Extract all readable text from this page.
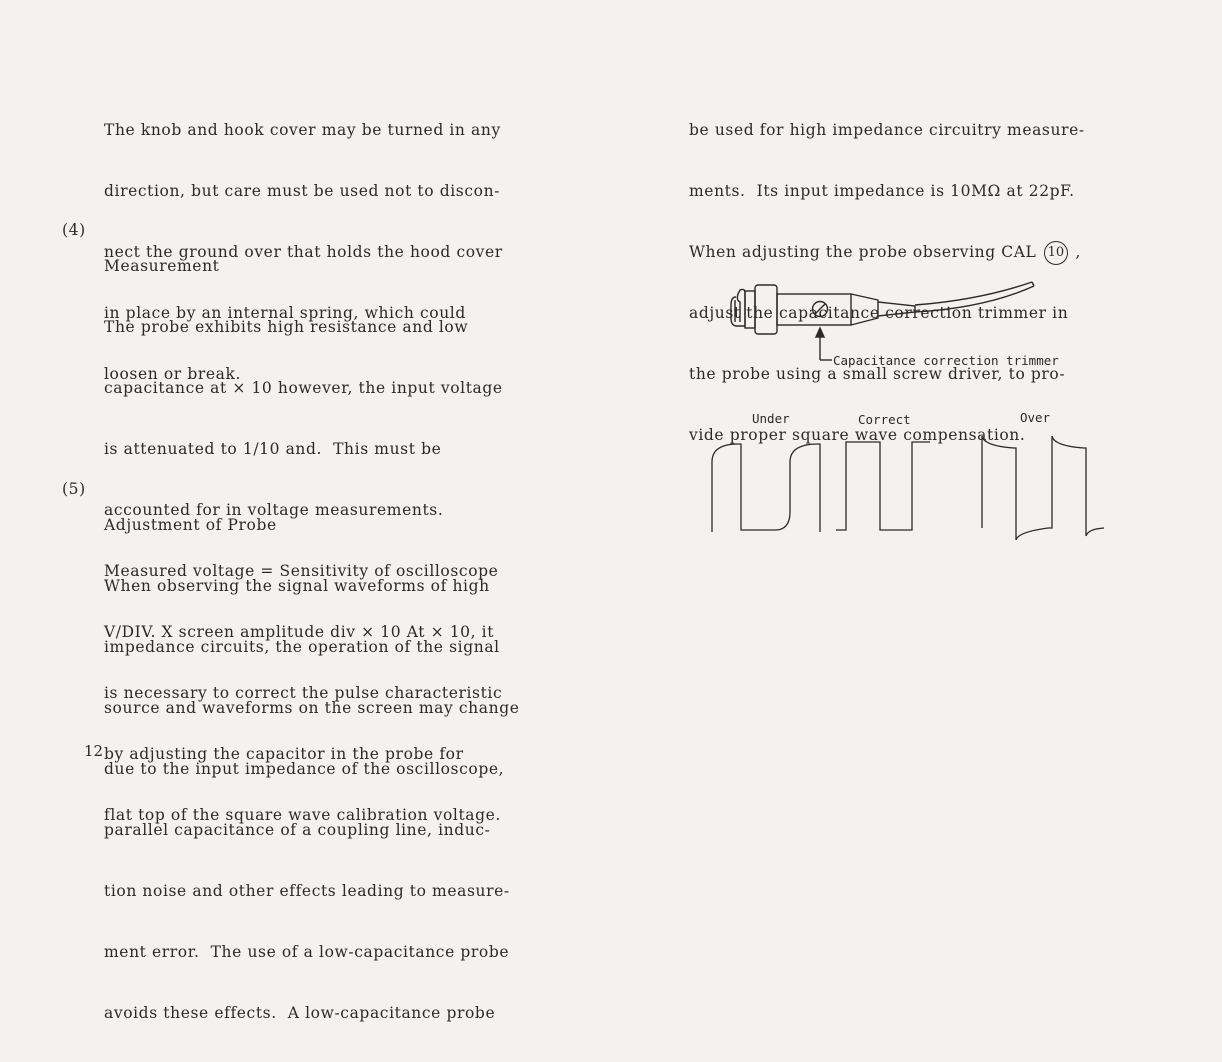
The knob and hook cover may be turned in any

direction, but care must be used not to discon-

nect the ground over that holds the hood cover

in place by an internal spring, which could

loosen or break.

(4)

Measurement

The probe exhibits high resistance and low

capacitance at × 10 however, the input voltage

is attenuated to 1/10 and.  This must be

accounted for in voltage measurements.

Measured voltage = Sensitivity of oscilloscope

V/DIV. X screen amplitude div × 10 At × 10, it

is necessary to correct the pulse characteristic

by adjusting the capacitor in the probe for

flat top of the square wave calibration voltage.

(5)

Adjustment of Probe

When observing the signal waveforms of high

impedance circuits, the operation of the signal

source and waveforms on the screen may change

due to the input impedance of the oscilloscope,

parallel capacitance of a coupling line, induc-

tion noise and other effects leading to measure-

ment error.  The use of a low-capacitance probe

avoids these effects.  A low-capacitance probe

12

be used for high impedance circuitry measure-

ments.  Its input impedance is 10MΩ at 22pF.

When adjusting the probe observing CAL 10 ,

adjust the capacitance correction trimmer in

the probe using a small screw driver, to pro-

vide proper square wave compensation.

Capacitance correction trimmer
Under	Correct	Over
